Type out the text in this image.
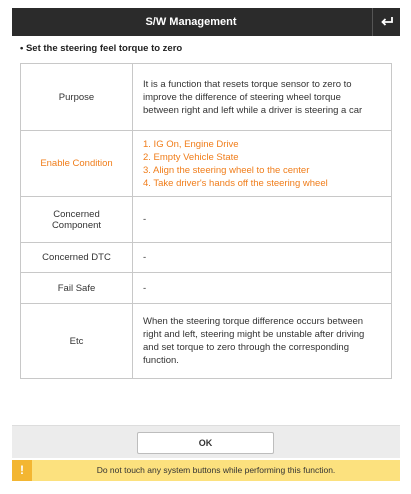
S/W Management
• Set the steering feel torque to zero
Purpose	It is a function that resets torque sensor to zero to
improve the difference of steering wheel torque
between right and left while a driver is steering a car

Enable Condition	1. IG On, Engine Drive
2. Empty Vehicle State
3. Align the steering wheel to the center
4. Take driver's hands off the steering wheel

Concerned
Component	-
Concerned DTC	-
Fail Safe	-
Etc	When the steering torque difference occurs between
right and left, steering might be unstable after driving
and set torque to zero through the corresponding
function.
OK
!	Do not touch any system buttons while performing this function.
